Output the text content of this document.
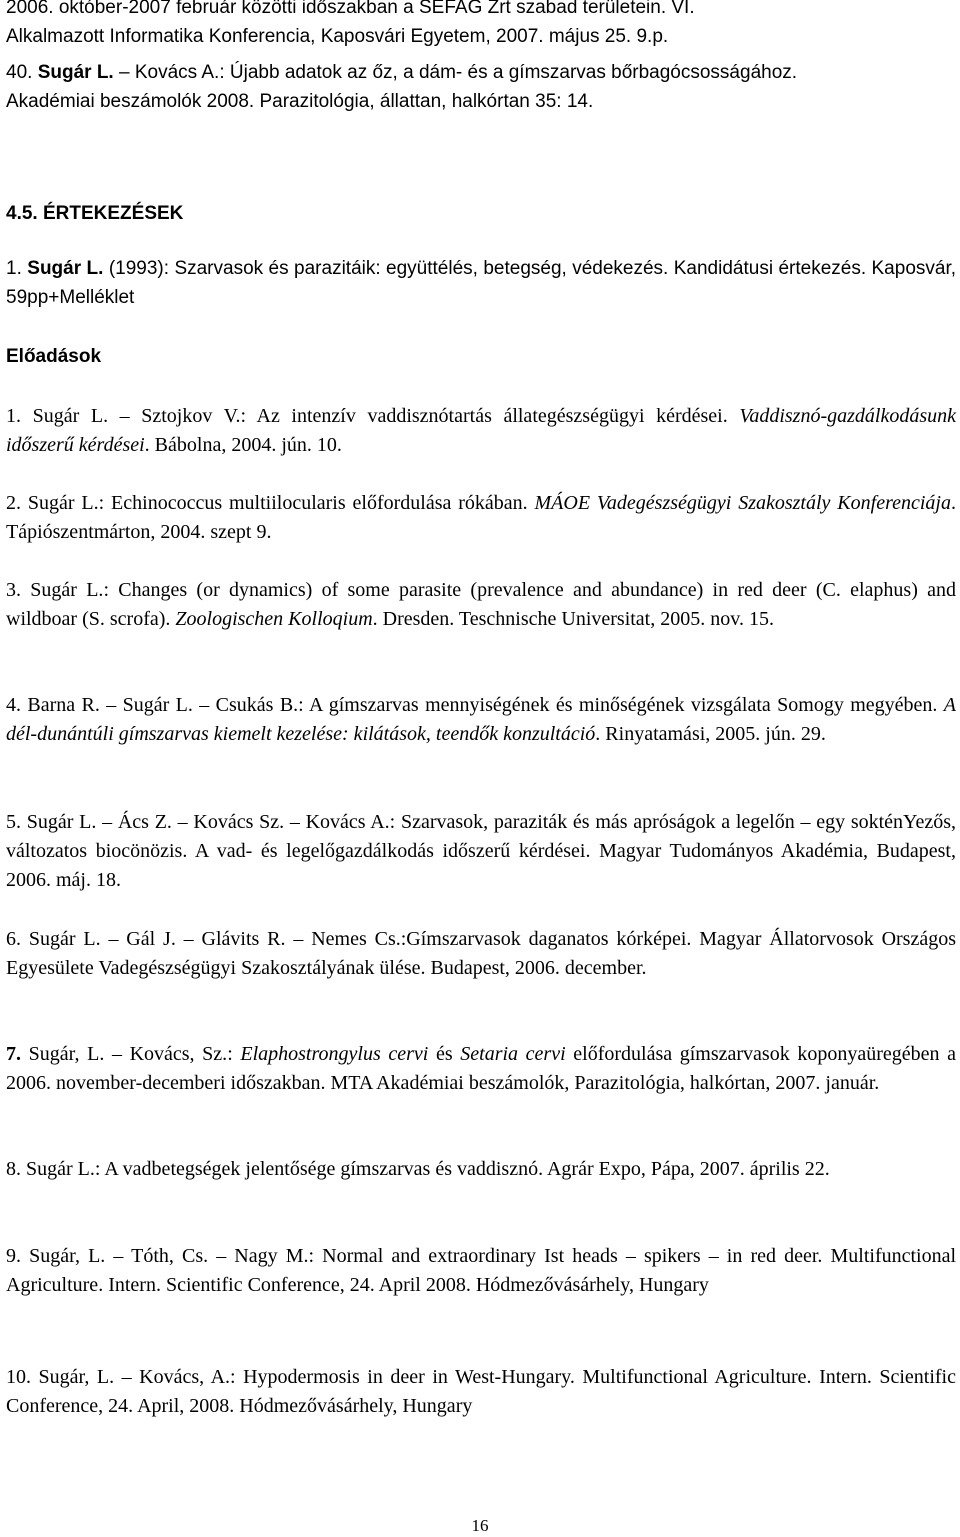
2006. október-2007 február közötti időszakban a SEFAG Zrt szabad területein. VI.
Alkalmazott Informatika Konferencia, Kaposvári Egyetem, 2007. május 25. 9.p.
40. Sugár L. – Kovács A.: Újabb adatok az őz, a dám- és a gímszarvas bőrbagócsosságához.
Akadémiai beszámolók 2008. Parazitológia, állattan, halkórtan 35: 14.
4.5. ÉRTEKEZÉSEK
1. Sugár L. (1993): Szarvasok és parazitáik: együttélés, betegség, védekezés. Kandidátusi értekezés. Kaposvár, 59pp+Melléklet
Előadások
1. Sugár L. – Sztojkov V.: Az intenzív vaddisznótartás állategészségügyi kérdései. Vaddisznó-gazdálkodásunk időszerű kérdései. Bábolna, 2004. jún. 10.
2. Sugár L.: Echinococcus multiilocularis előfordulása rókában. MÁOE Vadegészségügyi Szakosztály Konferenciája. Tápiószentmárton, 2004. szept 9.
3. Sugár L.: Changes (or dynamics) of some parasite (prevalence and abundance) in red deer (C. elaphus) and wildboar (S. scrofa). Zoologischen Kolloqium. Dresden. Teschnische Universitat, 2005. nov. 15.
4. Barna R. – Sugár L. – Csukás B.: A gímszarvas mennyiségének és minőségének vizsgálata Somogy megyében. A dél-dunántúli gímszarvas kiemelt kezelése: kilátások, teendők konzultáció. Rinyatamási, 2005. jún. 29.
5. Sugár L. – Ács Z. – Kovács Sz. – Kovács A.: Szarvasok, paraziták és más apróságok a legelőn – egy sokténYezős, változatos biocönözis. A vad- és legelőgazdálkodás időszerű kérdései. Magyar Tudományos Akadémia, Budapest, 2006. máj. 18.
6. Sugár L. – Gál J. – Glávits R. – Nemes Cs.:Gímszarvasok daganatos kórképei. Magyar Állatorvosok Országos Egyesülete Vadegészségügyi Szakosztályának ülése. Budapest, 2006. december.
7. Sugár, L. – Kovács, Sz.: Elaphostrongylus cervi és Setaria cervi előfordulása gímszarvasok koponyaüregében a 2006. november-decemberi időszakban. MTA Akadémiai beszámolók, Parazitológia, halkórtan, 2007. január.
8. Sugár L.: A vadbetegségek jelentősége gímszarvas és vaddisznó. Agrár Expo, Pápa, 2007. április 22.
9. Sugár, L. – Tóth, Cs. – Nagy M.: Normal and extraordinary Ist heads – spikers – in red deer. Multifunctional Agriculture. Intern. Scientific Conference, 24. April 2008. Hódmezővásárhely, Hungary
10. Sugár, L. – Kovács, A.: Hypodermosis in deer in West-Hungary. Multifunctional Agriculture. Intern. Scientific Conference, 24. April, 2008. Hódmezővásárhely, Hungary
16
